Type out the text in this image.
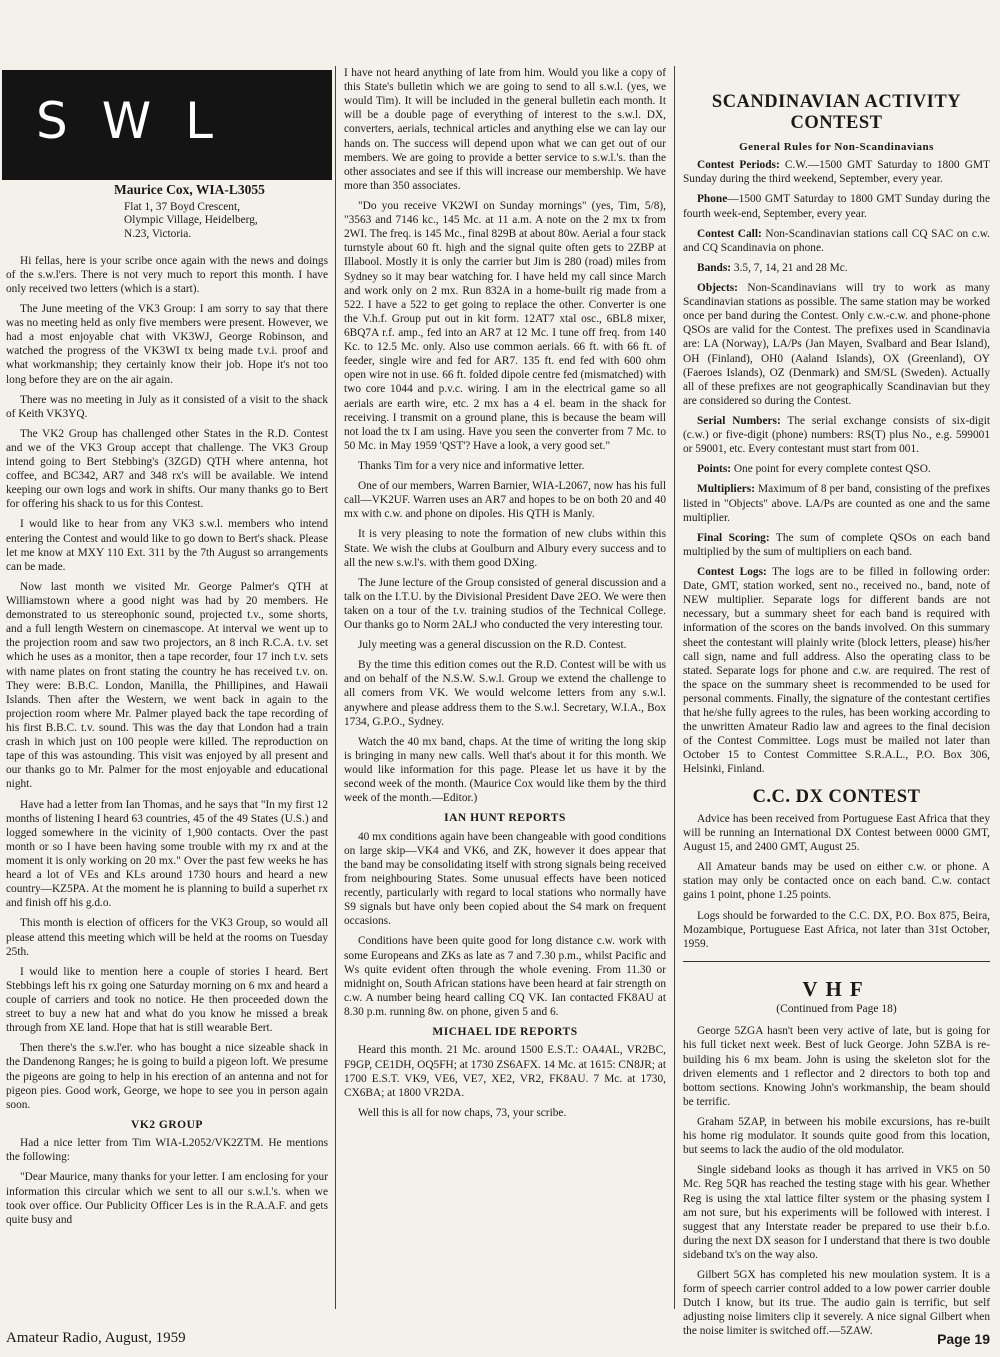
Maurice Cox, WIA-L3055

Flat 1, 37 Boyd Crescent,
Olympic Village, Heidelberg,
N.23, Victoria.

Hi fellas, here is your scribe once again with the news and doings of the s.w.l'ers. There is not very much to report this month. I have only received two letters (which is a start).

The June meeting of the VK3 Group: I am sorry to say that there was no meeting held as only five members were present. However, we had a most enjoyable chat with VK3WJ, George Robinson, and watched the progress of the VK3WI tx being made t.v.i. proof and what workmanship; they certainly know their job. Hope it's not too long before they are on the air again.

There was no meeting in July as it consisted of a visit to the shack of Keith VK3YQ.

The VK2 Group has challenged other States in the R.D. Contest and we of the VK3 Group accept that challenge. The VK3 Group intend going to Bert Stebbing's (3ZGD) QTH where antenna, hot coffee, and BC342, AR7 and 348 rx's will be available. We intend keeping our own logs and work in shifts. Our many thanks go to Bert for offering his shack to us for this Contest.

I would like to hear from any VK3 s.w.l. members who intend entering the Contest and would like to go down to Bert's shack. Please let me know at MXY 110 Ext. 311 by the 7th August so arrangements can be made.

Now last month we visited Mr. George Palmer's QTH at Williamstown where a good night was had by 20 members. He demonstrated to us stereophonic sound, projected t.v., some shorts, and a full length Western on cinemascope. At interval we went up to the projection room and saw two projectors, an 8 inch R.C.A. t.v. set which he uses as a monitor, then a tape recorder, four 17 inch t.v. sets with name plates on front stating the country he has received t.v. on. They were: B.B.C. London, Manilla, the Phillipines, and Hawaii Islands. Then after the Western, we went back in again to the projection room where Mr. Palmer played back the tape recording of his first B.B.C. t.v. sound. This was the day that London had a train crash in which just on 100 people were killed. The reproduction on tape of this was astounding. This visit was enjoyed by all present and our thanks go to Mr. Palmer for the most enjoyable and educational night.

Have had a letter from Ian Thomas, and he says that "In my first 12 months of listening I heard 63 countries, 45 of the 49 States (U.S.) and logged somewhere in the vicinity of 1,900 contacts. Over the past month or so I have been having some trouble with my rx and at the moment it is only working on 20 mx." Over the past few weeks he has heard a lot of VEs and KLs around 1730 hours and heard a new country—KZ5PA. At the moment he is planning to build a superhet rx and finish off his g.d.o.

This month is election of officers for the VK3 Group, so would all please attend this meeting which will be held at the rooms on Tuesday 25th.

I would like to mention here a couple of stories I heard. Bert Stebbings left his rx going one Saturday morning on 6 mx and heard a couple of carriers and took no notice. He then proceeded down the street to buy a new hat and what do you know he missed a break through from XE land. Hope that hat is still wearable Bert.

Then there's the s.w.l'er. who has bought a nice sizeable shack in the Dandenong Ranges; he is going to build a pigeon loft. We presume the pigeons are going to help in his erection of an antenna and not for pigeon pies. Good work, George, we hope to see you in person again soon.

VK2 GROUP

Had a nice letter from Tim WIA-L2052/VK2ZTM. He mentions the following:

"Dear Maurice, many thanks for your letter. I am enclosing for your information this circular which we sent to all our s.w.l.'s. when we took over office. Our Publicity Officer Les is in the R.A.A.F. and gets quite busy and

SWL

I have not heard anything of late from him. Would you like a copy of this State's bulletin which we are going to send to all s.w.l. (yes, we would Tim). It will be included in the general bulletin each month. It will be a double page of everything of interest to the s.w.l. DX, converters, aerials, technical articles and anything else we can lay our hands on. The success will depend upon what we can get out of our members. We are going to provide a better service to s.w.l.'s. than the other associates and see if this will increase our membership. We have more than 350 associates.

"Do you receive VK2WI on Sunday mornings" (yes, Tim, 5/8), "3563 and 7146 kc., 145 Mc. at 11 a.m. A note on the 2 mx tx from 2WI. The freq. is 145 Mc., final 829B at about 80w. Aerial a four stack turnstyle about 60 ft. high and the signal quite often gets to 2ZBP at Illabool. Mostly it is only the carrier but Jim is 280 (road) miles from Sydney so it may bear watching for. I have held my call since March and work only on 2 mx. Run 832A in a home-built rig made from a 522. I have a 522 to get going to replace the other. Converter is one the V.h.f. Group put out in kit form. 12AT7 xtal osc., 6BL8 mixer, 6BQ7A r.f. amp., fed into an AR7 at 12 Mc. I tune off freq. from 140 Kc. to 12.5 Mc. only. Also use common aerials. 66 ft. with 66 ft. of feeder, single wire and fed for AR7. 135 ft. end fed with 600 ohm open wire not in use. 66 ft. folded dipole centre fed (mismatched) with two core 1044 and p.v.c. wiring. I am in the electrical game so all aerials are earth wire, etc. 2 mx has a 4 el. beam in the shack for receiving. I transmit on a ground plane, this is because the beam will not load the tx I am using. Have you seen the converter from 7 Mc. to 50 Mc. in May 1959 'QST'? Have a look, a very good set."

Thanks Tim for a very nice and informative letter.

One of our members, Warren Barnier, WIA-L2067, now has his full call—VK2UF. Warren uses an AR7 and hopes to be on both 20 and 40 mx with c.w. and phone on dipoles. His QTH is Manly.

It is very pleasing to note the formation of new clubs within this State. We wish the clubs at Goulburn and Albury every success and to all the new s.w.l's. with them good DXing.

The June lecture of the Group consisted of general discussion and a talk on the I.T.U. by the Divisional President Dave 2EO. We were then taken on a tour of the t.v. training studios of the Technical College. Our thanks go to Norm 2ALJ who conducted the very interesting tour.

July meeting was a general discussion on the R.D. Contest.

By the time this edition comes out the R.D. Contest will be with us and on behalf of the N.S.W. S.w.l. Group we extend the challenge to all comers from VK. We would welcome letters from any s.w.l. anywhere and please address them to the S.w.l. Secretary, W.I.A., Box 1734, G.P.O., Sydney.

Watch the 40 mx band, chaps. At the time of writing the long skip is bringing in many new calls. Well that's about it for this month. We would like information for this page. Please let us have it by the second week of the month. (Maurice Cox would like them by the third week of the month.—Editor.)

IAN HUNT REPORTS

40 mx conditions again have been changeable with good conditions on large skip—VK4 and VK6, and ZK, however it does appear that the band may be consolidating itself with strong signals being received from neighbouring States. Some unusual effects have been noticed recently, particularly with regard to local stations who normally have S9 signals but have only been copied about the S4 mark on frequent occasions.

Conditions have been quite good for long distance c.w. work with some Europeans and ZKs as late as 7 and 7.30 p.m., whilst Pacific and Ws quite evident often through the whole evening. From 11.30 or midnight on, South African stations have been heard at fair strength on c.w. A number being heard calling CQ VK. Ian contacted FK8AU at 8.30 p.m. running 8w. on phone, given 5 and 6.

MICHAEL IDE REPORTS

Heard this month. 21 Mc. around 1500 E.S.T.: OA4AL, VR2BC, F9GP, CE1DH, OQ5FH; at 1730 ZS6AFX. 14 Mc. at 1615: CN8JR; at 1700 E.S.T. VK9, VE6, VE7, XE2, VR2, FK8AU. 7 Mc. at 1730, CX6BA; at 1800 VR2DA.

Well this is all for now chaps, 73, your scribe.

SCANDINAVIAN ACTIVITY CONTEST

General Rules for Non-Scandinavians

Contest Periods: C.W.—1500 GMT Saturday to 1800 GMT Sunday during the third weekend, September, every year.

Phone—1500 GMT Saturday to 1800 GMT Sunday during the fourth week-end, September, every year.

Contest Call: Non-Scandinavian stations call CQ SAC on c.w. and CQ Scandinavia on phone.

Bands: 3.5, 7, 14, 21 and 28 Mc.

Objects: Non-Scandinavians will try to work as many Scandinavian stations as possible. The same station may be worked once per band during the Contest. Only c.w.-c.w. and phone-phone QSOs are valid for the Contest. The prefixes used in Scandinavia are: LA (Norway), LA/Ps (Jan Mayen, Svalbard and Bear Island), OH (Finland), OH0 (Aaland Islands), OX (Greenland), OY (Faeroes Islands), OZ (Denmark) and SM/SL (Sweden). Actually all of these prefixes are not geographically Scandinavian but they are considered so during the Contest.

Serial Numbers: The serial exchange consists of six-digit (c.w.) or five-digit (phone) numbers: RS(T) plus No., e.g. 599001 or 59001, etc. Every contestant must start from 001.

Points: One point for every complete contest QSO.

Multipliers: Maximum of 8 per band, consisting of the prefixes listed in "Objects" above. LA/Ps are counted as one and the same multiplier.

Final Scoring: The sum of complete QSOs on each band multiplied by the sum of multipliers on each band.

Contest Logs: The logs are to be filled in following order: Date, GMT, station worked, sent no., received no., band, note of NEW multiplier. Separate logs for different bands are not necessary, but a summary sheet for each band is required with information of the scores on the bands involved. On this summary sheet the contestant will plainly write (block letters, please) his/her call sign, name and full address. Also the operating class to be stated. Separate logs for phone and c.w. are required. The rest of the space on the summary sheet is recommended to be used for personal comments. Finally, the signature of the contestant certifies that he/she fully agrees to the rules, has been working according to the unwritten Amateur Radio law and agrees to the final decision of the Contest Committee. Logs must be mailed not later than October 15 to Contest Committee S.R.A.L., P.O. Box 306, Helsinki, Finland.

C.C. DX CONTEST

Advice has been received from Portuguese East Africa that they will be running an International DX Contest between 0000 GMT, August 15, and 2400 GMT, August 25.

All Amateur bands may be used on either c.w. or phone. A station may only be contacted once on each band. C.w. contact gains 1 point, phone 1.25 points.

Logs should be forwarded to the C.C. DX, P.O. Box 875, Beira, Mozambique, Portuguese East Africa, not later than 31st October, 1959.

VHF

(Continued from Page 18)

George 5ZGA hasn't been very active of late, but is going for his full ticket next week. Best of luck George. John 5ZBA is re-building his 6 mx beam. John is using the skeleton slot for the driven elements and 1 reflector and 2 directors to both top and bottom sections. Knowing John's workmanship, the beam should be terrific.

Graham 5ZAP, in between his mobile excursions, has re-built his home rig modulator. It sounds quite good from this location, but seems to lack the audio of the old modulator.

Single sideband looks as though it has arrived in VK5 on 50 Mc. Reg 5QR has reached the testing stage with his gear. Whether Reg is using the xtal lattice filter system or the phasing system I am not sure, but his experiments will be followed with interest. I suggest that any Interstate reader be prepared to use their b.f.o. during the next DX season for I understand that there is two double sideband tx's on the way also.

Gilbert 5GX has completed his new moulation system. It is a form of speech carrier control added to a low power carrier double Dutch I know, but its true. The audio gain is terrific, but self adjusting noise limiters clip it severely. A nice signal Gilbert when the noise limiter is switched off.—5ZAW.

Amateur Radio, August, 1959	Page 19
